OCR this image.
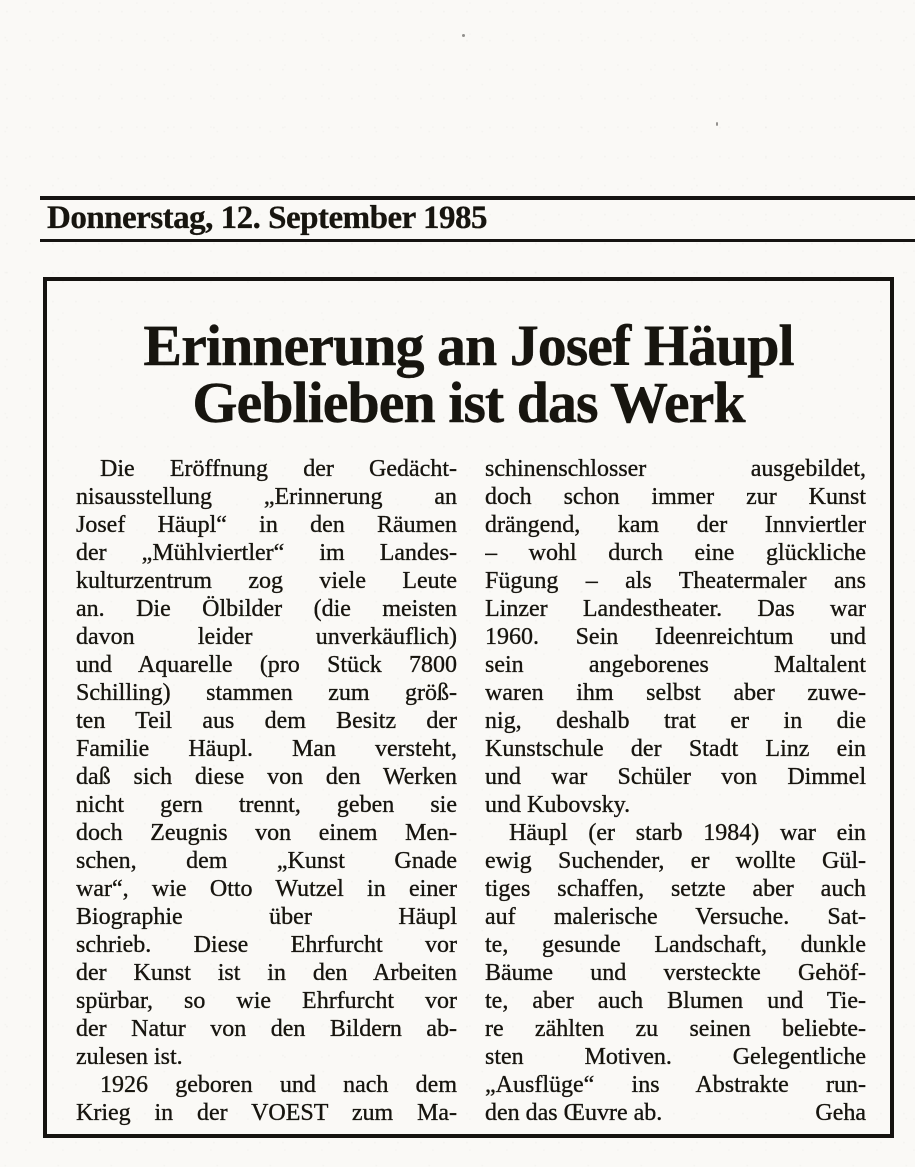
Donnerstag, 12. September 1985
Erinnerung an Josef Häupl
Geblieben ist das Werk
Die Eröffnung der Gedächt-
nisausstellung „Erinnerung an
Josef Häupl“ in den Räumen
der „Mühlviertler“ im Landes-
kulturzentrum zog viele Leute
an. Die Ölbilder (die meisten
davon leider unverkäuflich)
und Aquarelle (pro Stück 7800
Schilling) stammen zum größ-
ten Teil aus dem Besitz der
Familie Häupl. Man versteht,
daß sich diese von den Werken
nicht gern trennt, geben sie
doch Zeugnis von einem Men-
schen, dem „Kunst Gnade
war“, wie Otto Wutzel in einer
Biographie über Häupl
schrieb. Diese Ehrfurcht vor
der Kunst ist in den Arbeiten
spürbar, so wie Ehrfurcht vor
der Natur von den Bildern ab-
zulesen ist.
1926 geboren und nach dem
Krieg in der VOEST zum Ma-
schinenschlosser ausgebildet,
doch schon immer zur Kunst
drängend, kam der Innviertler
– wohl durch eine glückliche
Fügung – als Theatermaler ans
Linzer Landestheater. Das war
1960. Sein Ideenreichtum und
sein angeborenes Maltalent
waren ihm selbst aber zuwe-
nig, deshalb trat er in die
Kunstschule der Stadt Linz ein
und war Schüler von Dimmel
und Kubovsky.
Häupl (er starb 1984) war ein
ewig Suchender, er wollte Gül-
tiges schaffen, setzte aber auch
auf malerische Versuche. Sat-
te, gesunde Landschaft, dunkle
Bäume und versteckte Gehöf-
te, aber auch Blumen und Tie-
re zählten zu seinen beliebte-
sten Motiven. Gelegentliche
„Ausflüge“ ins Abstrakte run-
den das Œuvre ab.	Geha
